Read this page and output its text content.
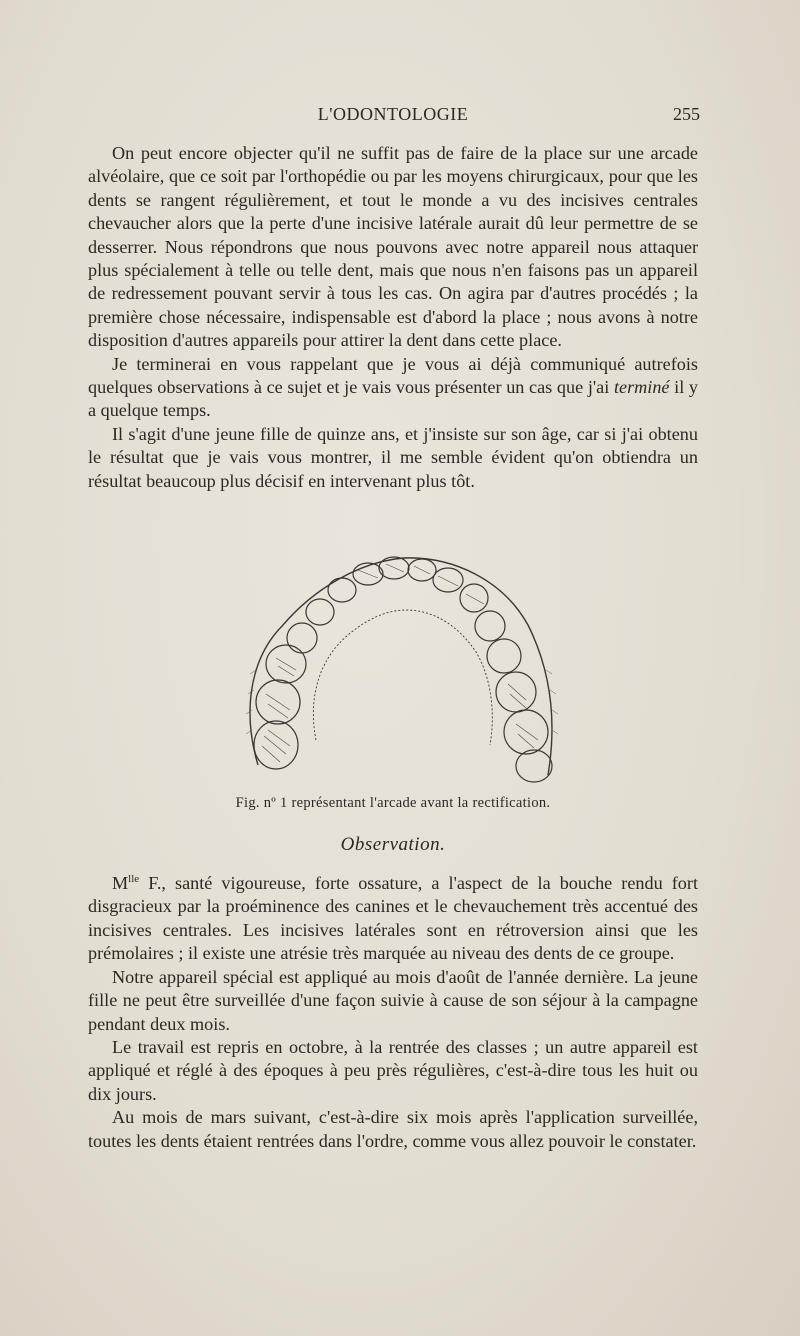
L'ODONTOLOGIE	255

On peut encore objecter qu'il ne suffit pas de faire de la place sur une arcade alvéolaire, que ce soit par l'orthopédie ou par les moyens chirurgicaux, pour que les dents se rangent régulièrement, et tout le monde a vu des incisives centrales chevaucher alors que la perte d'une incisive latérale aurait dû leur permettre de se desserrer. Nous répondrons que nous pouvons avec notre appareil nous attaquer plus spécialement à telle ou telle dent, mais que nous n'en faisons pas un appareil de redressement pouvant servir à tous les cas. On agira par d'autres procédés ; la première chose nécessaire, indispensable est d'abord la place ; nous avons à notre disposition d'autres appareils pour attirer la dent dans cette place.

Je terminerai en vous rappelant que je vous ai déjà communiqué autrefois quelques observations à ce sujet et je vais vous présenter un cas que j'ai terminé il y a quelque temps.

Il s'agit d'une jeune fille de quinze ans, et j'insiste sur son âge, car si j'ai obtenu le résultat que je vais vous montrer, il me semble évident qu'on obtiendra un résultat beaucoup plus décisif en intervenant plus tôt.

Fig. nº 1 représentant l'arcade avant la rectification.
Observation.

$M^{lle}$ F., santé vigoureuse, forte ossature, a l'aspect de la bouche rendu fort disgracieux par la proéminence des canines et le chevauchement très accentué des incisives centrales. Les incisives latérales sont en rétroversion ainsi que les prémolaires ; il existe une atrésie très marquée au niveau des dents de ce groupe.

Notre appareil spécial est appliqué au mois d'août de l'année dernière. La jeune fille ne peut être surveillée d'une façon suivie à cause de son séjour à la campagne pendant deux mois.

Le travail est repris en octobre, à la rentrée des classes ; un autre appareil est appliqué et réglé à des époques à peu près régulières, c'est-à-dire tous les huit ou dix jours.

Au mois de mars suivant, c'est-à-dire six mois après l'application surveillée, toutes les dents étaient rentrées dans l'ordre, comme vous allez pouvoir le constater.
